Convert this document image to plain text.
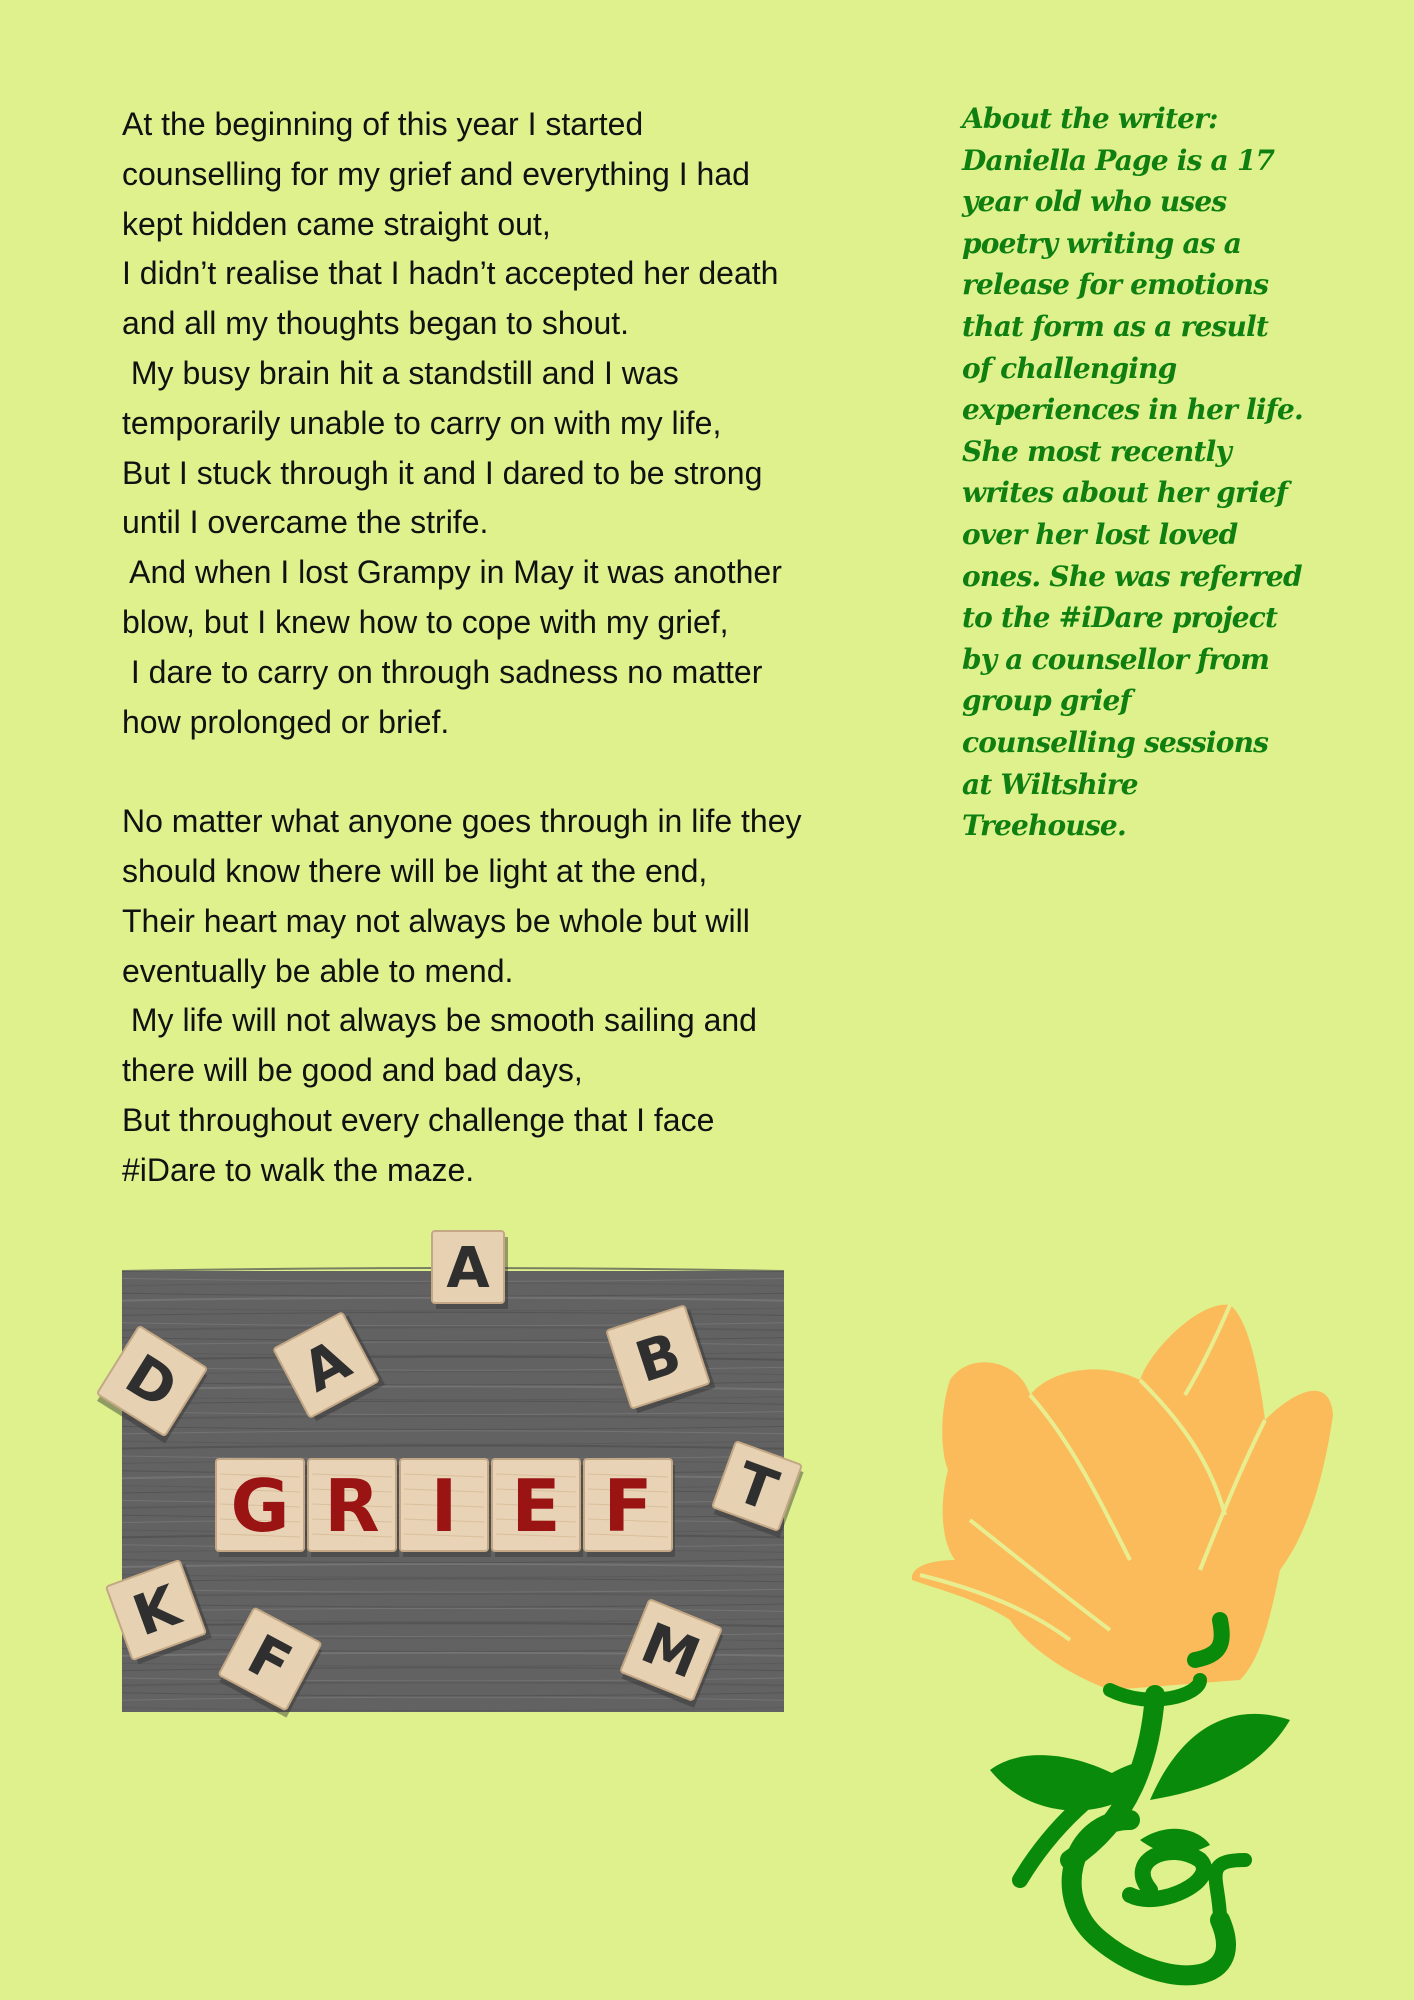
At the beginning of this year I started
counselling for my grief and everything I had
kept hidden came straight out,
I didn’t realise that I hadn’t accepted her death
and all my thoughts began to shout.
My busy brain hit a standstill and I was
temporarily unable to carry on with my life,
But I stuck through it and I dared to be strong
until I overcame the strife.
And when I lost Grampy in May it was another
blow, but I knew how to cope with my grief,
I dare to carry on through sadness no matter
how prolonged or brief.
No matter what anyone goes through in life they
should know there will be light at the end,
Their heart may not always be whole but will
eventually be able to mend.
My life will not always be smooth sailing and
there will be good and bad days,
But throughout every challenge that I face
#iDare to walk the maze.
About the writer:
Daniella Page is a 17
year old who uses
poetry writing as a
release for emotions
that form as a result
of challenging
experiences in her life.
She most recently
writes about her grief
over her lost loved
ones. She was referred
to the #iDare project
by a counsellor from
group grief
counselling sessions
at Wiltshire
Treehouse.
G R I E F
A	B
D
K	M
F
A
T
